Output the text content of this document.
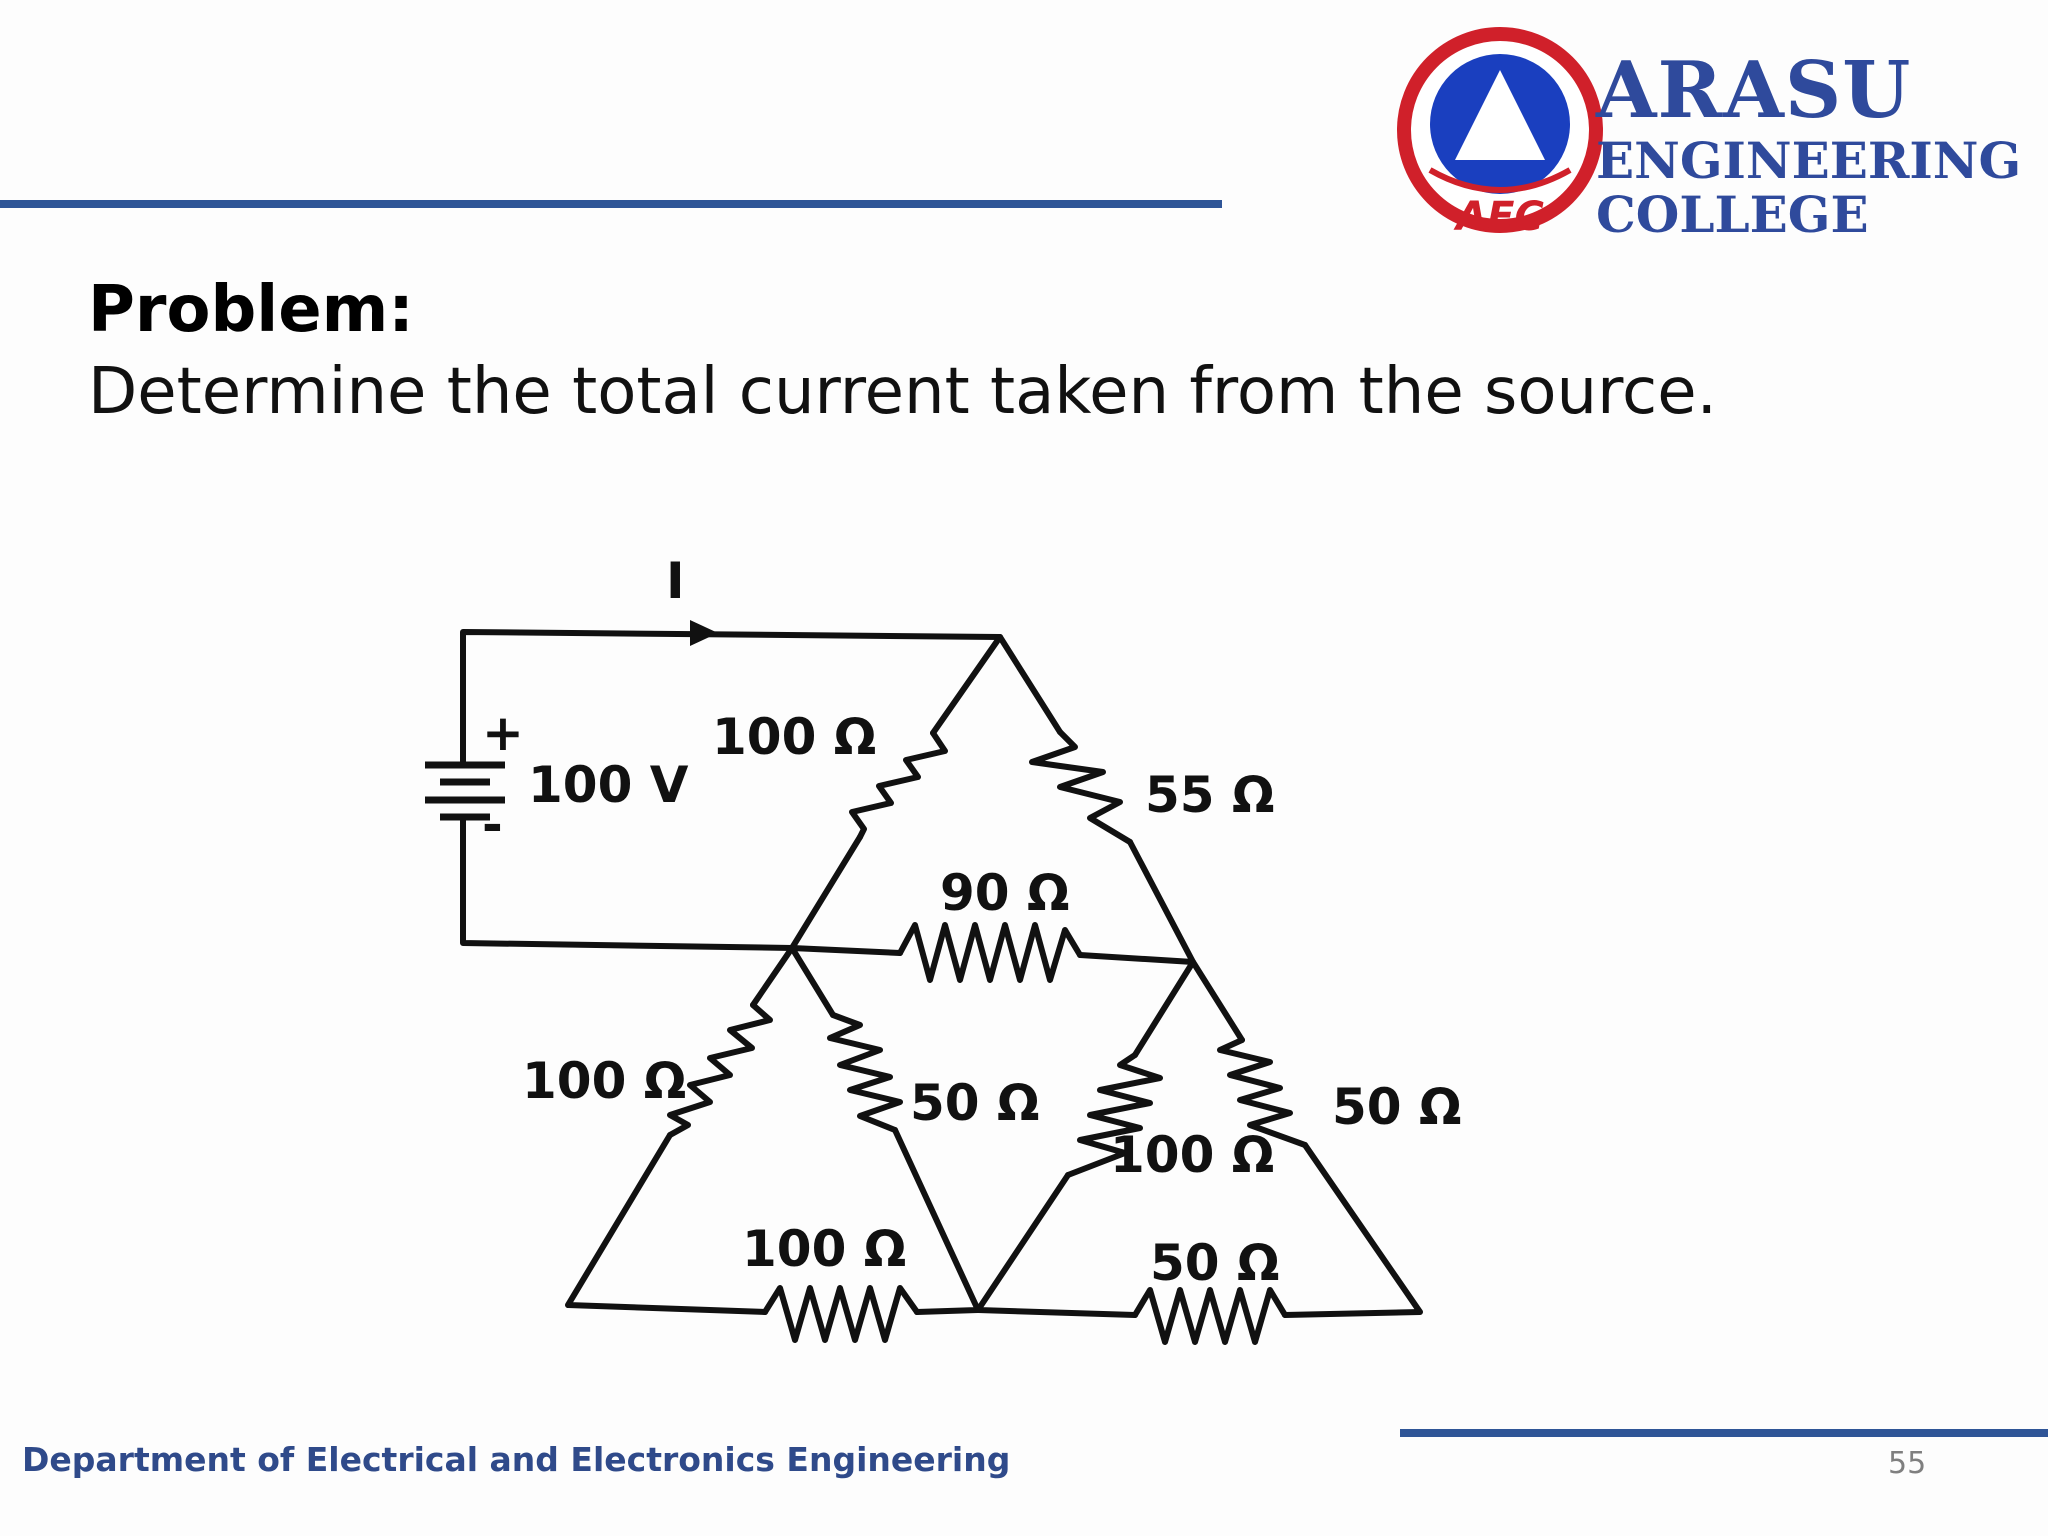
AEC
ARASU
ENGINEERING
COLLEGE
Problem:
Determine the total current taken from the source.
+
-
100 V
I
100 Ω
55 Ω
90 Ω
100 Ω	50 Ω
100 Ω
50 Ω
100 Ω	50 Ω
Department of Electrical and Electronics Engineering	55
